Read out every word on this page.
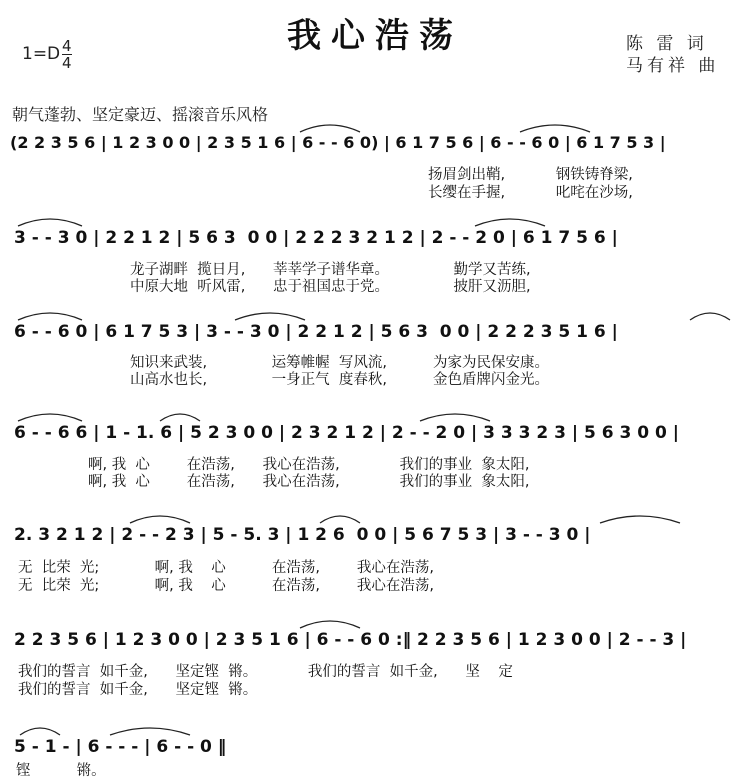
我心浩荡
1=D 4
4
陈 雷 词
马有祥 曲
朝气蓬勃、坚定豪迈、摇滚音乐风格
(2 2 3 5 6 | 1 2 3 0 0 | 2 3 5 1 6 | 6 - - 6 0) | 6 1 7 5 6 | 6 - - 6 0 | 6 1 7 5 3 |
扬眉剑出鞘,           钢铁铸脊梁,
长缨在手握,           叱咤在沙场,
3 - - 3 0 | 2 2 1 2 | 5 6 3  0 0 | 2 2 2 3 2 1 2 | 2 - - 2 0 | 6 1 7 5 6 |
龙子湖畔  揽日月,      莘莘学子谱华章。              勤学又苦练,
中原大地  听风雷,      忠于祖国忠于党。              披肝又沥胆,
6 - - 6 0 | 6 1 7 5 3 | 3 - - 3 0 | 2 2 1 2 | 5 6 3  0 0 | 2 2 2 3 5 1 6 |
知识来武装,              运筹帷幄  写风流,          为家为民保安康。
山高水也长,              一身正气  度春秋,          金色盾牌闪金光。
6 - - 6 6 | 1 - 1. 6 | 5 2 3 0 0 | 2 3 2 1 2 | 2 - - 2 0 | 3 3 3 2 3 | 5 6 3 0 0 |
啊, 我  心        在浩荡,      我心在浩荡,             我们的事业  象太阳,
啊, 我  心        在浩荡,      我心在浩荡,             我们的事业  象太阳,
2. 3 2 1 2 | 2 - - 2 3 | 5 - 5. 3 | 1 2 6  0 0 | 5 6 7 5 3 | 3 - - 3 0 |
无  比荣  光;            啊, 我    心          在浩荡,        我心在浩荡,
无  比荣  光;            啊, 我    心          在浩荡,        我心在浩荡,
2 2 3 5 6 | 1 2 3 0 0 | 2 3 5 1 6 | 6 - - 6 0 :‖ 2 2 3 5 6 | 1 2 3 0 0 | 2 - - 3 |
我们的誓言  如千金,      坚定铿  锵。           我们的誓言  如千金,      坚    定
我们的誓言  如千金,      坚定铿  锵。
5 - 1 - | 6 - - - | 6 - - 0 ‖
铿          锵。
